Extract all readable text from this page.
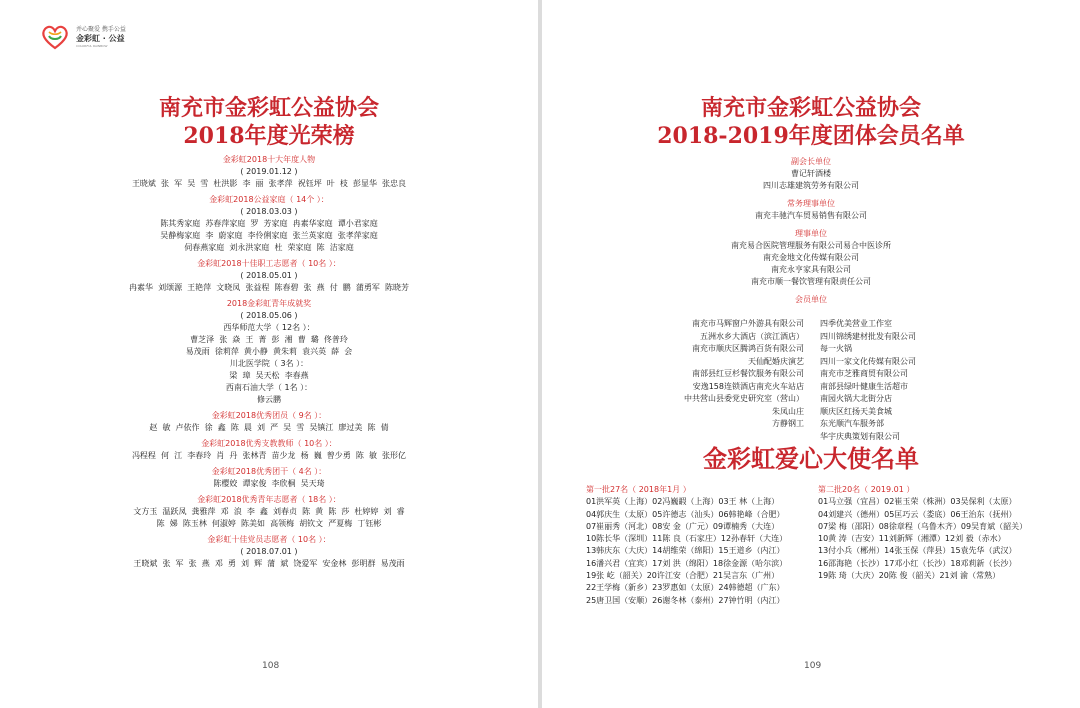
并心聚爱 携手公益
金彩虹 · 公益
COLORFUL RAINBOW
南充市金彩虹公益协会
2018年度光荣榜
金彩虹2018十大年度人物
( 2019.01.12 )
王晓斌  张  军  吴  雪  杜洪影  李  丽  张孝萍  祝钰坪  叶  枝  彭显华  张忠良
金彩虹2018公益家庭（ 14个 ）：
( 2018.03.03 )
陈其秀家庭  苏春萍家庭  罗  芳家庭  冉素华家庭  谭小君家庭
吴静梅家庭  李  蔚家庭  李伶俐家庭  张兰英家庭  张孝萍家庭
伺春燕家庭  刘永洪家庭  杜  荣家庭  陈  洁家庭
金彩虹2018十佳职工志愿者（ 10名 ）：
( 2018.05.01 )
冉素华  刘颂源  王艳萍  文晓凤  张益程  陈春碧  张  燕  付  鹏  蒲勇军  陈晓芳
2018金彩虹青年成就奖
( 2018.05.06 )
西华师范大学（ 12名 ）：
曹芝泽  张  焱  王  菁  彭  湘  曹  璐  佟普玲
易茂雨  徐莉萍  黄小静  黄朱莉  袁兴英  薛  会
川北医学院（ 3名 ）：
梁  璋  吴天松  李春燕
西南石油大学（ 1名 ）：
修云鹏
金彩虹2018优秀团员（ 9名 ）：
赵  敏  卢依作  徐  鑫  陈  晨  刘  严  吴  雪  吴镇江  廖过美  陈  倩
金彩虹2018优秀支教教师（ 10名 ）：
冯程程  何  江  李春玲  肖  丹  张林青  苗少龙  杨  巍  曾少勇  陈  敏  张形亿
金彩虹2018优秀团干（ 4名 ）：
陈樱姣  谭家俊  李欣桐  吴天琦
金彩虹2018优秀青年志愿者（ 18名 ）：
文方玉  温跃凤  龚雅萍  邓  浪  李  鑫  刘春贞  陈  黄  陈  莎  杜婷婷  刘  睿
陈  娣  陈玉林  何淑婷  陈美如  高领梅  胡钦文  严夏梅  丁钰彬
金彩虹十佳党员志愿者（ 10名 ）：
( 2018.07.01 )
王晓斌  张  军  张  燕  邓  勇  刘  辉  蒲  斌  饶爱军  安金林  彭明群  易茂雨
108
南充市金彩虹公益协会
2018-2019年度团体会员名单
副会长单位
曹记轩酒楼
四川志雄建筑劳务有限公司
常务理事单位
南充丰驰汽车贸易销售有限公司
理事单位
南充易合医院管理服务有限公司易合中医诊所
南充金地文化传媒有限公司
南充永亨家具有限公司
南充市顺一餐饮管理有限责任公司
会员单位
南充市马辉窗户外游具有限公司
五洲水乡大酒店（滨江酒店）
南充市顺庆区腾鸿百货有限公司
天仙配婚庆演艺
南部县红豆杉餐饮服务有限公司
安逸158连锁酒店南充火车站店
中共营山县委党史研究室（营山）
朱凤山庄
方静钢工
四季优美营业工作室
四川锦绣建材批发有限公司
每一火锅
四川一家文化传媒有限公司
南充市芝雅商贸有限公司
南部县绿叶健康生活超市
南园火锅大北街分店
顺庆区红扬天美食城
东光顺汽车服务部
华宇庆典策划有限公司
金彩虹爱心大使名单
第一批27名（ 2018年1月 ）
01洪军英（上海）02冯巍嘏（上海）03王 林（上海）
04郭庆生（太原）05许德志（汕头）06韩艳峰（合肥）
07崔丽秀（河北）08安 金（广元）09谭楠秀（大连）
10陈长华（深圳）11陈 良（石家庄）12孙春轩（大连）
13韩庆东（大庆）14胡维荣（绵阳）15王道乡（内江）
16潘兴君（宜宾）17刘 洪（绵阳）18徐金源（哈尔滨）
19张 屹（韶关）20许江安（合肥）21吴言东（广州）
22王学梅（新乡）23罗惠如（太原）24韩德超（广东）
25唐卫国（安顺）26谢冬林（泰州）27钟竹明（内江）
第二批20名（ 2019.01 ）
01马立强（宜昌）02崔玉荣（株洲）03吴保利（太原）
04刘建兴（德州）05匡巧云（娄底）06王治东（抚州）
07梁 梅（邵阳）08徐章程（乌鲁木齐）09吴育斌（韶关）
10黄 涛（吉安）11刘新辉（湘潭）12刘 毅（赤水）
13付小兵（郴州）14张玉保（萍县）15袁先华（武汉）
16邵海艳（长沙）17邓小红（长沙）18邓莉新（长沙）
19陈 琦（大庆）20陈 俊（韶关）21刘 渝（常熟）
109
